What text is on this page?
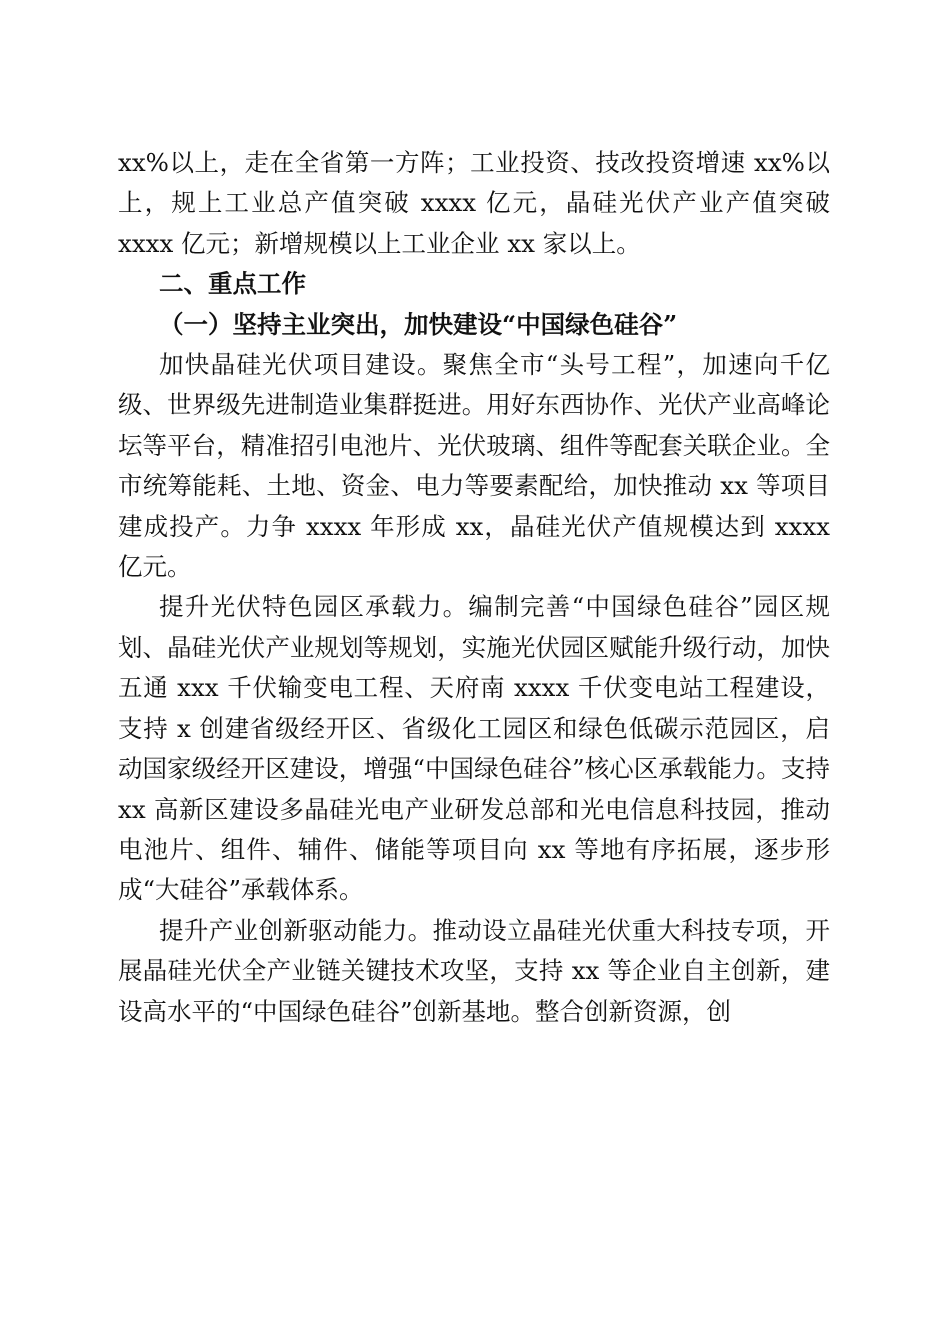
xx%以上，走在全省第一方阵；工业投资、技改投资增速 xx%以上，规上工业总产值突破 xxxx 亿元，晶硅光伏产业产值突破 xxxx 亿元；新增规模以上工业企业 xx 家以上。

二、重点工作

（一）坚持主业突出，加快建设“中国绿色硅谷”

加快晶硅光伏项目建设。聚焦全市“头号工程”，加速向千亿级、世界级先进制造业集群挺进。用好东西协作、光伏产业高峰论坛等平台，精准招引电池片、光伏玻璃、组件等配套关联企业。全市统筹能耗、土地、资金、电力等要素配给，加快推动 xx 等项目建成投产。力争 xxxx 年形成 xx，晶硅光伏产值规模达到 xxxx 亿元。

提升光伏特色园区承载力。编制完善“中国绿色硅谷”园区规划、晶硅光伏产业规划等规划，实施光伏园区赋能升级行动，加快五通 xxx 千伏输变电工程、天府南 xxxx 千伏变电站工程建设，支持 x 创建省级经开区、省级化工园区和绿色低碳示范园区，启动国家级经开区建设，增强“中国绿色硅谷”核心区承载能力。支持 xx 高新区建设多晶硅光电产业研发总部和光电信息科技园，推动电池片、组件、辅件、储能等项目向 xx 等地有序拓展，逐步形成“大硅谷”承载体系。

提升产业创新驱动能力。推动设立晶硅光伏重大科技专项，开展晶硅光伏全产业链关键技术攻坚，支持 xx 等企业自主创新，建设高水平的“中国绿色硅谷”创新基地。整合创新资源，创
